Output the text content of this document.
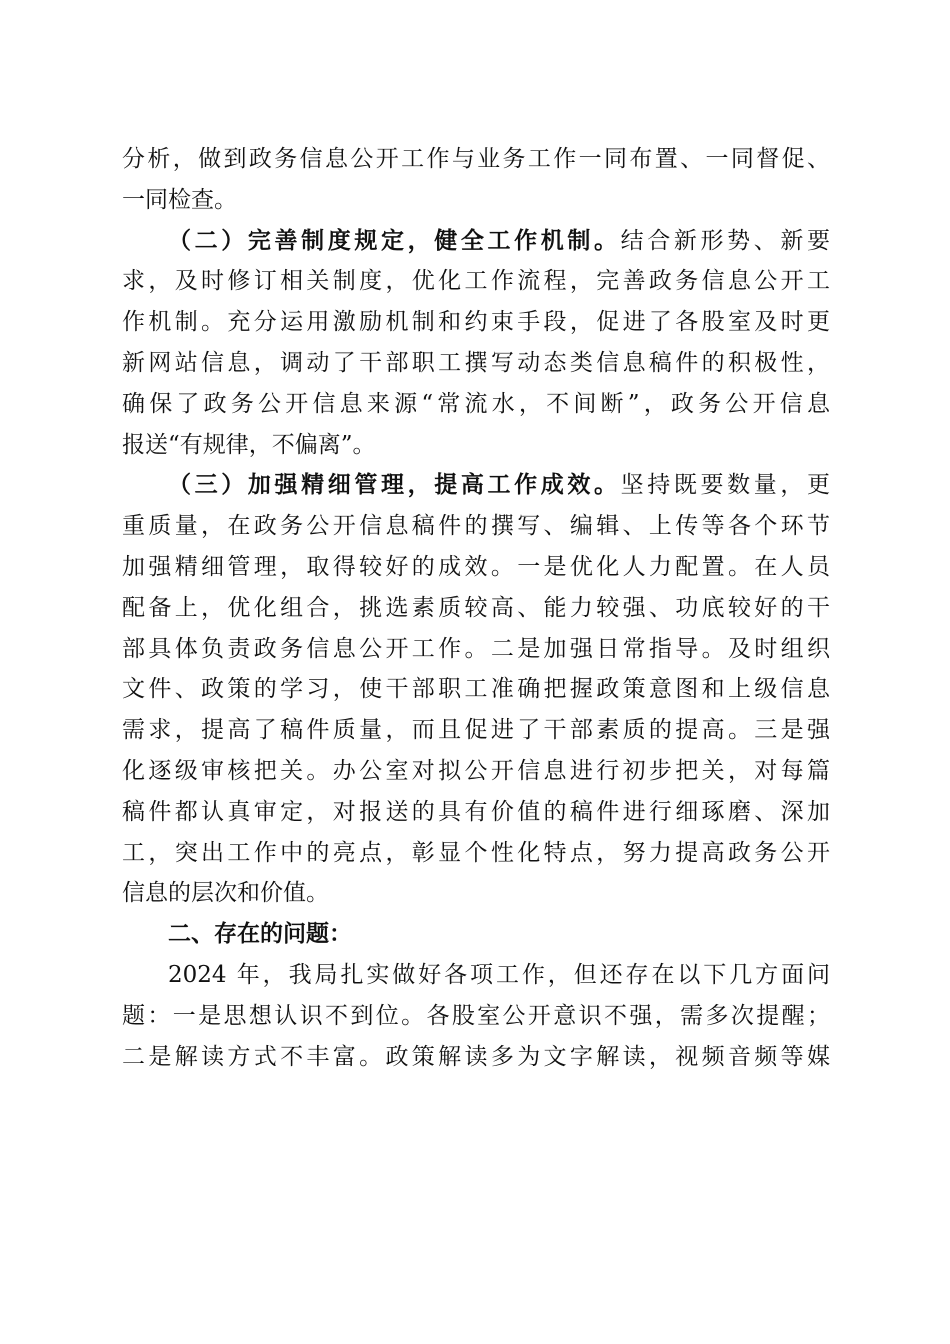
分析，做到政务信息公开工作与业务工作一同布置、一同督促、
一同检查。
（二）完善制度规定，健全工作机制。结合新形势、新要
求，及时修订相关制度，优化工作流程，完善政务信息公开工
作机制。充分运用激励机制和约束手段，促进了各股室及时更
新网站信息，调动了干部职工撰写动态类信息稿件的积极性，
确保了政务公开信息来源“常流水，不间断”，政务公开信息
报送“有规律，不偏离”。
（三）加强精细管理，提高工作成效。坚持既要数量，更
重质量，在政务公开信息稿件的撰写、编辑、上传等各个环节
加强精细管理，取得较好的成效。一是优化人力配置。在人员
配备上，优化组合，挑选素质较高、能力较强、功底较好的干
部具体负责政务信息公开工作。二是加强日常指导。及时组织
文件、政策的学习，使干部职工准确把握政策意图和上级信息
需求，提高了稿件质量，而且促进了干部素质的提高。三是强
化逐级审核把关。办公室对拟公开信息进行初步把关，对每篇
稿件都认真审定，对报送的具有价值的稿件进行细琢磨、深加
工，突出工作中的亮点，彰显个性化特点，努力提高政务公开
信息的层次和价值。
二、存在的问题：
2024 年，我局扎实做好各项工作，但还存在以下几方面问
题：一是思想认识不到位。各股室公开意识不强，需多次提醒；
二是解读方式不丰富。政策解读多为文字解读，视频音频等媒
